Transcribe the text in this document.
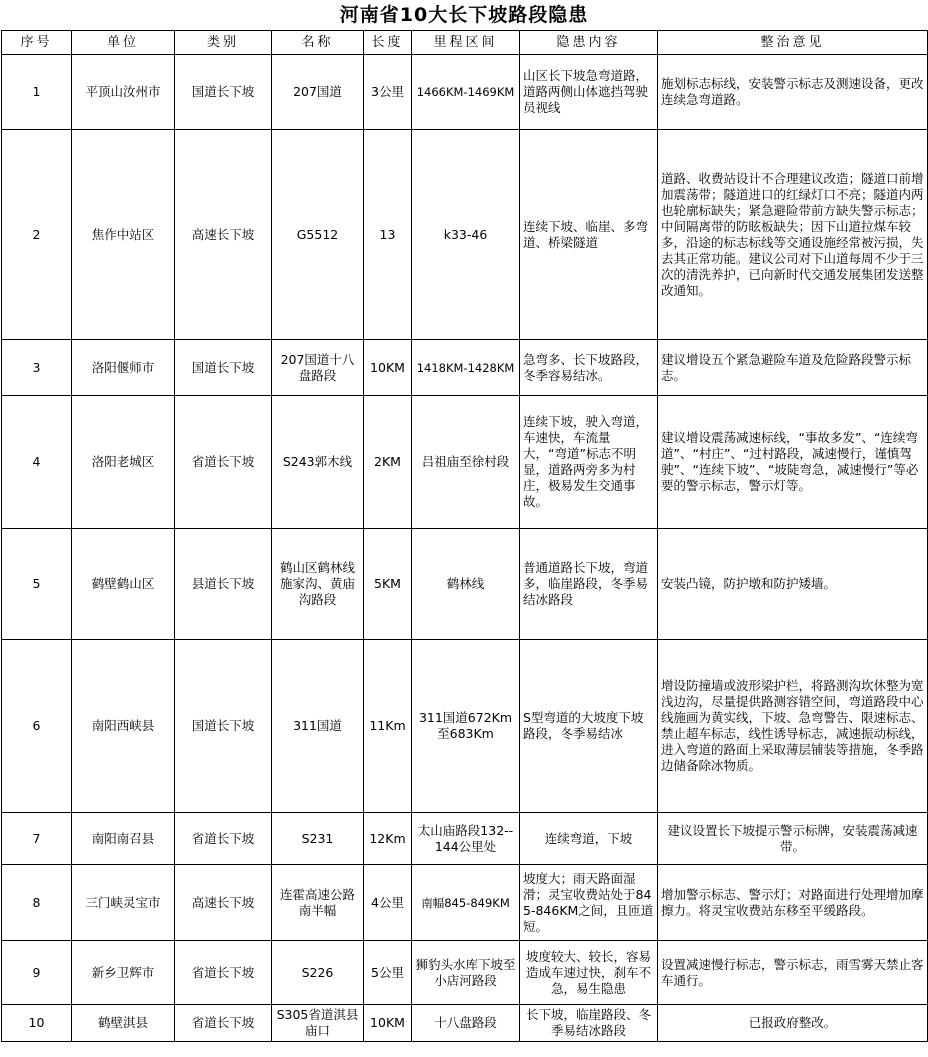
河南省10大长下坡路段隐患
序号	单位	类别	名称	长度	里程区间	隐患内容	整治意见
1	平顶山汝州市	国道长下坡	207国道	3公里	1466KM-1469KM	山区长下坡急弯道路，道路两侧山体遮挡驾驶员视线	施划标志标线，安装警示标志及测速设备，更改连续急弯道路。
2	焦作中站区	高速长下坡	G5512	13	k33-46	连续下坡、临崖、多弯道、桥梁隧道	道路、收费站设计不合理建议改造；隧道口前增加震荡带；隧道进口的红绿灯口不亮；隧道内两也轮廓标缺失；紧急避险带前方缺失警示标志；中间隔离带的防眩板缺失；因下山道拉煤车较多，沿途的标志标线等交通设施经常被污损，失去其正常功能。建议公司对下山道每周不少于三次的清洗养护，已向新时代交通发展集团发送整改通知。
3	洛阳偃师市	国道长下坡	207国道十八盘路段	10KM	1418KM-1428KM	急弯多、长下坡路段，冬季容易结冰。	建议增设五个紧急避险车道及危险路段警示标志。
4	洛阳老城区	省道长下坡	S243郭木线	2KM	吕祖庙至徐村段	连续下坡，驶入弯道，车速快，车流量大，“弯道”标志不明显，道路两旁多为村庄，极易发生交通事故。	建议增设震荡减速标线，“事故多发”、“连续弯道”、“村庄”、“过村路段，减速慢行，谨慎驾驶”、“连续下坡”、“坡陡弯急，减速慢行”等必要的警示标志，警示灯等。
5	鹤壁鹤山区	县道长下坡	鹤山区鹤林线施家沟、黄庙沟路段	5KM	鹤林线	普通道路长下坡，弯道多，临崖路段，冬季易结冰路段	安装凸镜，防护墩和防护矮墙。
6	南阳西峡县	国道长下坡	311国道	11Km	311国道672Km至683Km	S型弯道的大坡度下坡路段，冬季易结冰	增设防撞墙或波形梁护栏，将路测沟坎休整为宽浅边沟，尽量提供路测容错空间，弯道路段中心线施画为黄实线，下坡、急弯警告、限速标志、禁止超车标志，线性诱导标志，减速振动标线，进入弯道的路面上采取薄层铺装等措施，冬季路边储备除冰物质。
7	南阳南召县	省道长下坡	S231	12Km	太山庙路段132--144公里处	连续弯道，下坡	建议设置长下坡提示警示标牌，安装震荡减速带。
8	三门峡灵宝市	高速长下坡	连霍高速公路南半幅	4公里	南幅845-849KM	坡度大；雨天路面湿滑；灵宝收费站处于845-846KM之间，且匝道短。	增加警示标志、警示灯；对路面进行处理增加摩擦力。将灵宝收费站东移至平缓路段。
9	新乡卫辉市	省道长下坡	S226	5公里	狮豹头水库下坡至小店河路段	坡度较大、较长，容易造成车速过快，刹车不急，易生隐患	设置减速慢行标志，警示标志，雨雪雾天禁止客车通行。
10	鹤壁淇县	省道长下坡	S305省道淇县庙口	10KM	十八盘路段	长下坡，临崖路段、冬季易结冰路段	已报政府整改。
